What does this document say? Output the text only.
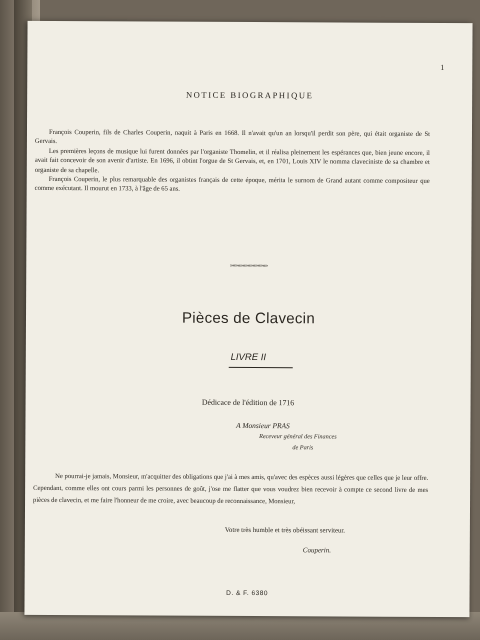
1
NOTICE BIOGRAPHIQUE

François Couperin, fils de Charles Couperin, naquit à Paris en 1668. Il n'avait qu'un an lorsqu'il perdit son père, qui était organiste de St Gervais.

Les premières leçons de musique lui furent données par l'organiste Thomelin, et il réalisa pleinement les espérances que, bien jeune encore, il avait fait concevoir de son avenir d'artiste. En 1696, il obtint l'orgue de St Gervais, et, en 1701, Louis XIV le nomma claveciniste de sa chambre et organiste de sa chapelle.

François Couperin, le plus remarquable des organistes français de cette époque, mérita le surnom de Grand autant comme compositeur que comme exécutant. Il mourut en 1733, à l'âge de 65 ans.

»»»»»»»»»»»»»»»
Pièces de Clavecin
LIVRE II
Dédicace de l'édition de 1716
A Monsieur PRAS
Receveur général des Finances
de Paris

Ne pourrai-je jamais, Monsieur, m'acquitter des obligations que j'ai à mes amis, qu'avec des espèces aussi légères que celles que je leur offre. Cependant, comme elles ont cours parmi les personnes de goût, j'ose me flatter que vous voudrez bien recevoir à compte ce second livre de mes pièces de clavecin, et me faire l'honneur de me croire, avec beaucoup de reconnaissance, Monsieur,

Votre très humble et très obéissant serviteur.
Couperin.
D. & F. 6380
